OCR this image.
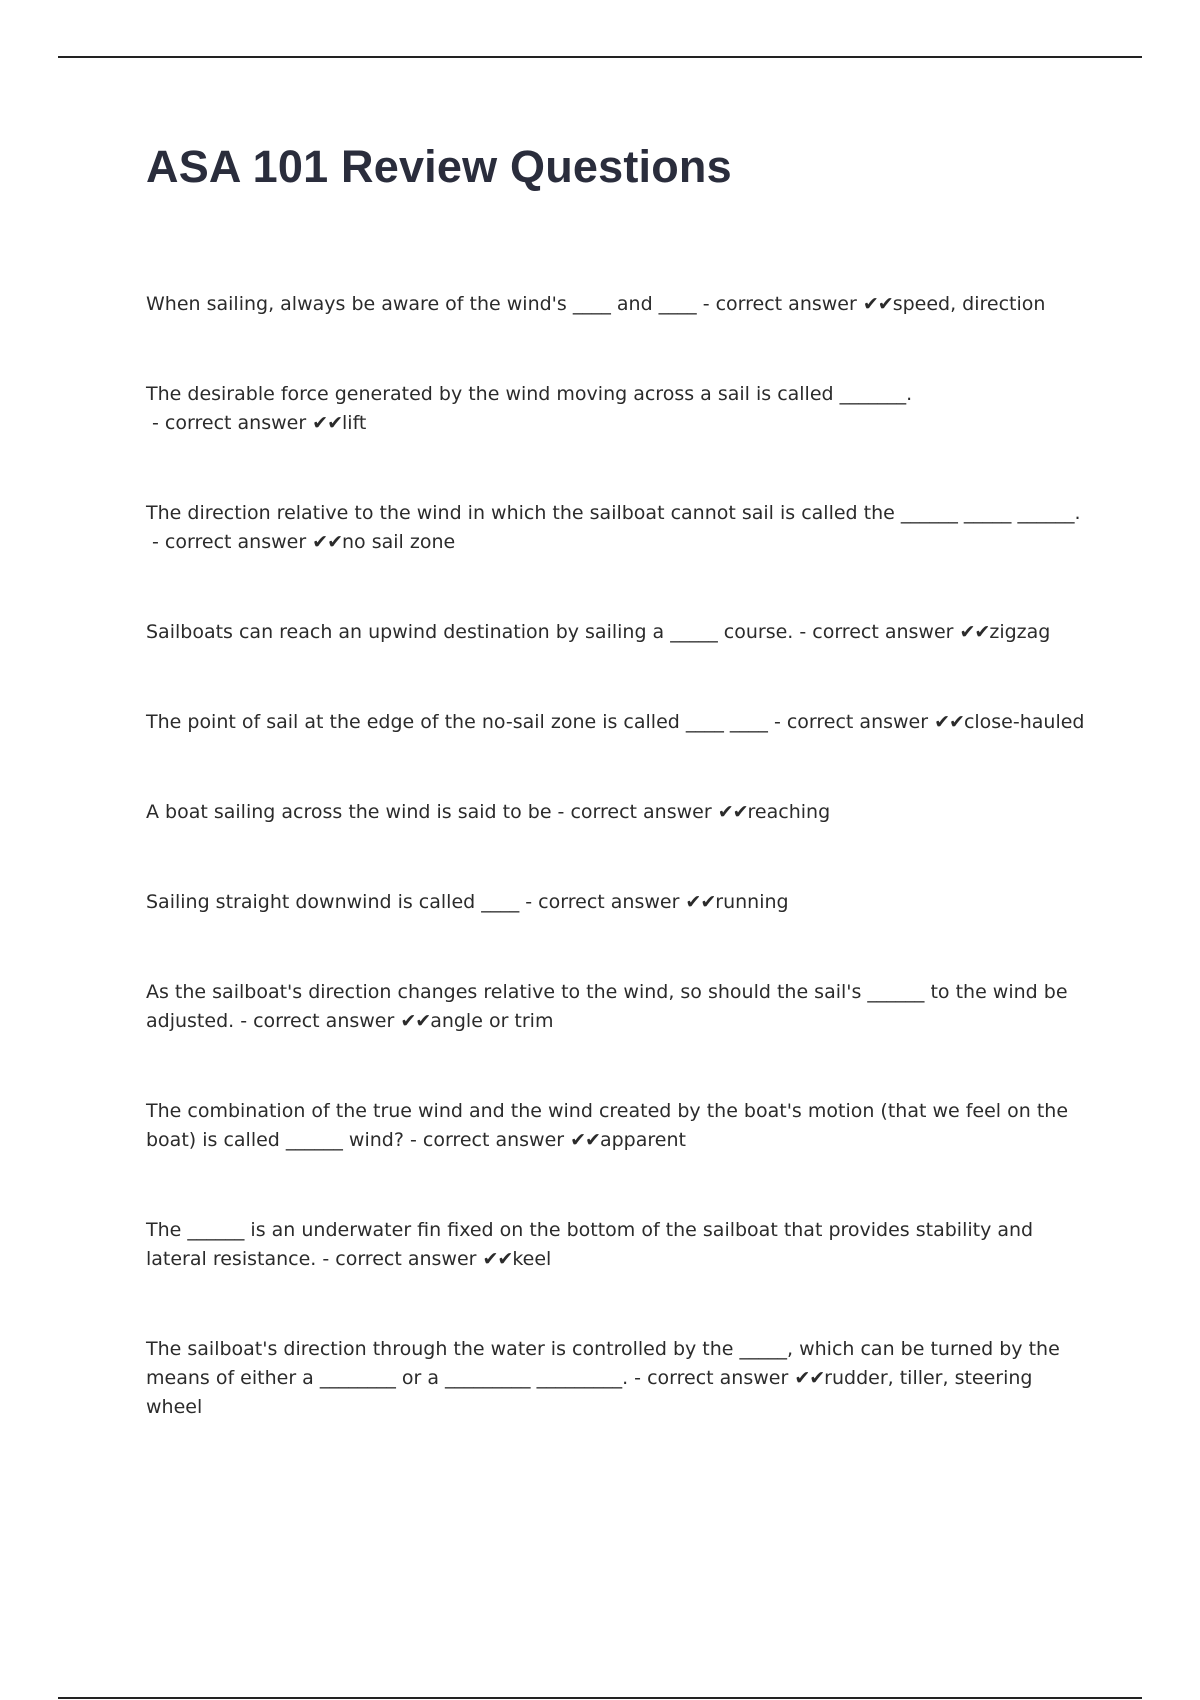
ASA 101 Review Questions
When sailing, always be aware of the wind's ____ and ____ - correct answer ✔✔speed, direction
The desirable force generated by the wind moving across a sail is called _______. - correct answer ✔✔lift
The direction relative to the wind in which the sailboat cannot sail is called the ______ _____ ______. - correct answer ✔✔no sail zone
Sailboats can reach an upwind destination by sailing a _____ course. - correct answer ✔✔zigzag
The point of sail at the edge of the no-sail zone is called ____ ____ - correct answer ✔✔close-hauled
A boat sailing across the wind is said to be - correct answer ✔✔reaching
Sailing straight downwind is called ____ - correct answer ✔✔running
As the sailboat's direction changes relative to the wind, so should the sail's ______ to the wind be adjusted. - correct answer ✔✔angle or trim
The combination of the true wind and the wind created by the boat's motion (that we feel on the boat) is called ______ wind? - correct answer ✔✔apparent
The ______ is an underwater fin fixed on the bottom of the sailboat that provides stability and lateral resistance. - correct answer ✔✔keel
The sailboat's direction through the water is controlled by the _____, which can be turned by the means of either a ________ or a _________ _________. - correct answer ✔✔rudder, tiller, steering wheel
